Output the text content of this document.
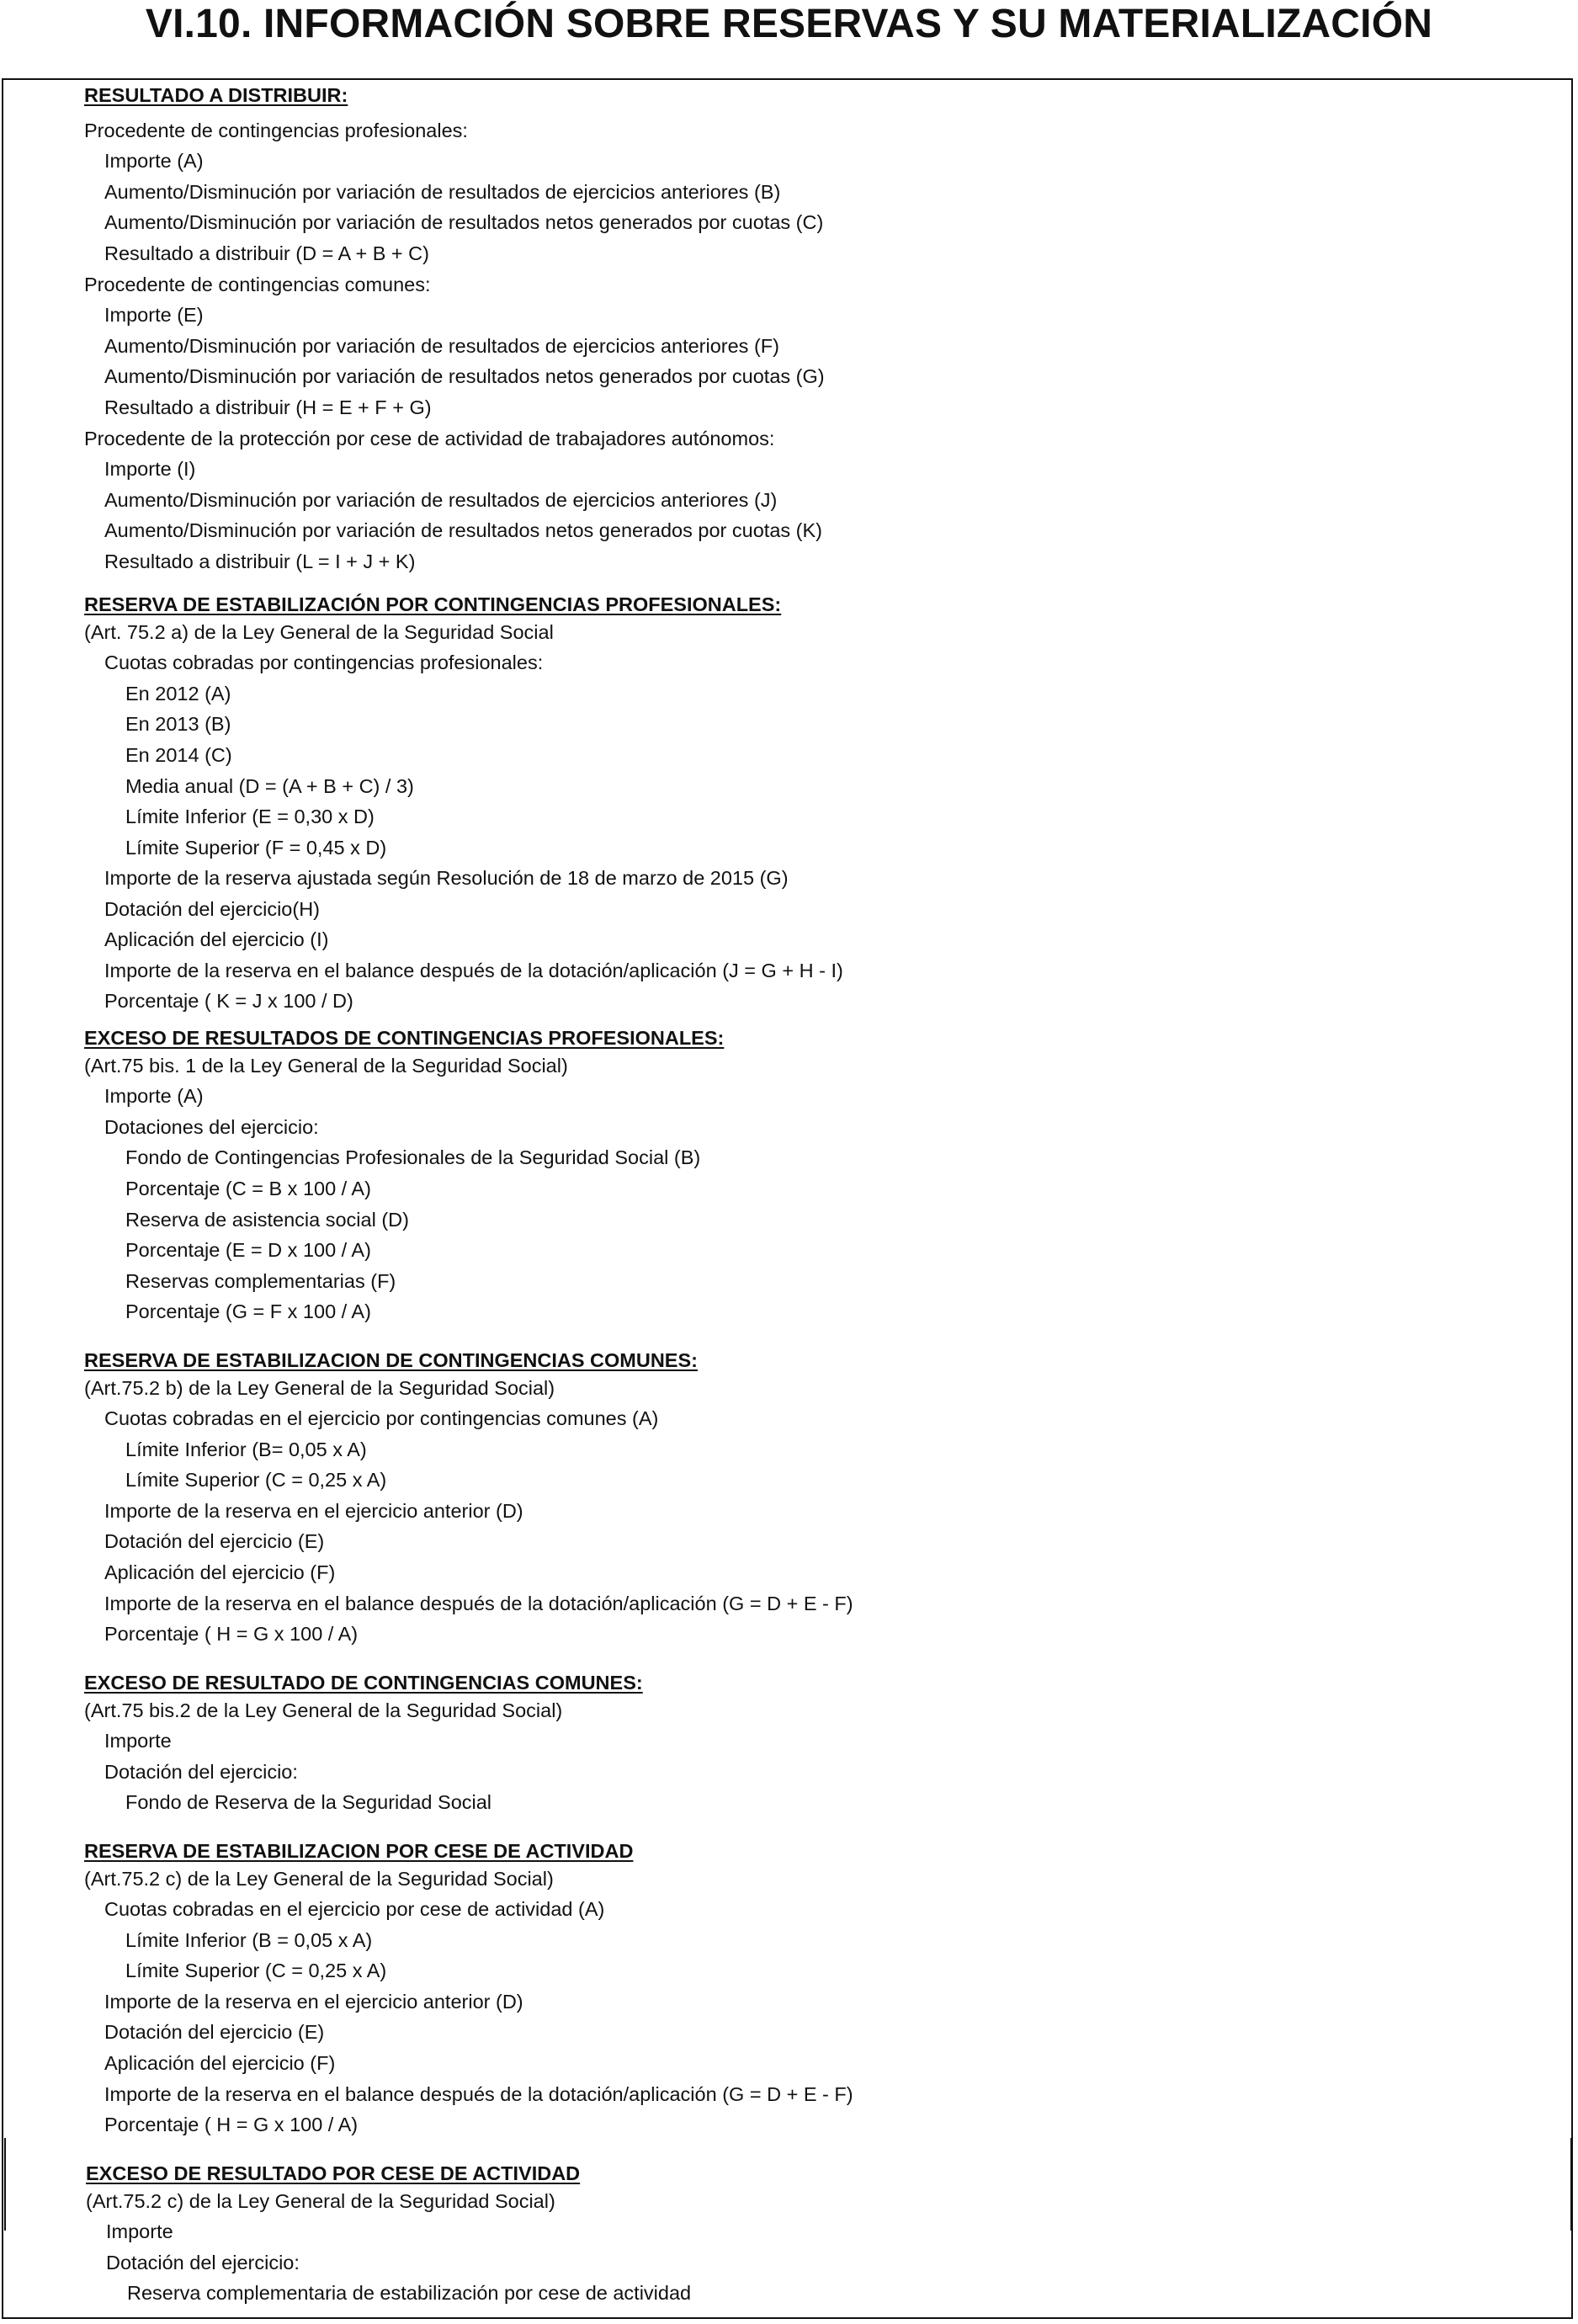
VI.10. INFORMACIÓN SOBRE RESERVAS Y SU MATERIALIZACIÓN
RESULTADO A DISTRIBUIR:
Procedente de contingencias profesionales:
Importe (A)
Aumento/Disminución por variación de resultados de ejercicios anteriores (B)
Aumento/Disminución por variación de resultados netos generados por cuotas (C)
Resultado a distribuir (D = A + B + C)
Procedente de contingencias comunes:
Importe (E)
Aumento/Disminución por variación de resultados de ejercicios anteriores (F)
Aumento/Disminución por variación de resultados netos generados por cuotas (G)
Resultado a distribuir (H = E + F + G)
Procedente de la protección por cese de actividad de trabajadores autónomos:
Importe (I)
Aumento/Disminución por variación de resultados de ejercicios anteriores (J)
Aumento/Disminución por variación de resultados netos generados por cuotas (K)
Resultado a distribuir (L = I + J + K)
RESERVA DE ESTABILIZACIÓN POR CONTINGENCIAS PROFESIONALES:
(Art. 75.2 a) de la Ley General de la Seguridad Social
Cuotas cobradas por contingencias profesionales:
En 2012 (A)
En 2013 (B)
En 2014 (C)
Media anual (D = (A + B + C) / 3)
Límite Inferior (E = 0,30 x D)
Límite Superior (F = 0,45 x D)
Importe de la reserva ajustada según Resolución de 18 de marzo de 2015 (G)
Dotación del ejercicio(H)
Aplicación del ejercicio (I)
Importe de la reserva en el balance después de la dotación/aplicación (J = G + H - I)
Porcentaje ( K = J x 100 / D)
EXCESO DE RESULTADOS DE CONTINGENCIAS PROFESIONALES:
(Art.75 bis. 1 de la Ley General de la Seguridad Social)
Importe (A)
Dotaciones del ejercicio:
Fondo de Contingencias Profesionales de la Seguridad Social (B)
Porcentaje (C = B x 100 / A)
Reserva de asistencia social (D)
Porcentaje (E = D x 100 / A)
Reservas complementarias (F)
Porcentaje (G = F x 100 / A)
RESERVA DE ESTABILIZACION DE CONTINGENCIAS COMUNES:
(Art.75.2 b) de la Ley General de la Seguridad Social)
Cuotas cobradas en el ejercicio por contingencias comunes (A)
Límite Inferior (B= 0,05 x A)
Límite Superior (C = 0,25 x A)
Importe de la reserva en el ejercicio anterior (D)
Dotación del ejercicio (E)
Aplicación del ejercicio (F)
Importe de la reserva en el balance después de la dotación/aplicación (G = D + E - F)
Porcentaje ( H = G x 100 / A)
EXCESO DE RESULTADO DE CONTINGENCIAS COMUNES:
(Art.75 bis.2 de la Ley General de la Seguridad Social)
Importe
Dotación del ejercicio:
Fondo de Reserva de la Seguridad Social
RESERVA DE ESTABILIZACION POR CESE DE ACTIVIDAD
(Art.75.2 c) de la Ley General de la Seguridad Social)
Cuotas cobradas en el ejercicio por cese de actividad (A)
Límite Inferior (B = 0,05 x A)
Límite Superior (C = 0,25 x A)
Importe de la reserva en el ejercicio anterior (D)
Dotación del ejercicio (E)
Aplicación del ejercicio (F)
Importe de la reserva en el balance después de la dotación/aplicación (G = D + E - F)
Porcentaje ( H = G x 100 / A)
EXCESO DE RESULTADO POR CESE DE ACTIVIDAD
(Art.75.2 c) de la Ley General de la Seguridad Social)
Importe
Dotación del ejercicio:
Reserva complementaria de estabilización por cese de actividad
